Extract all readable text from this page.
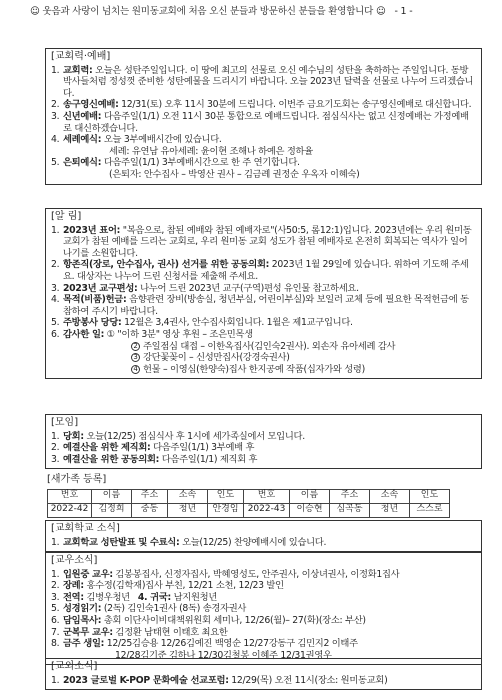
☺ 웃음과 사랑이 넘치는 원미동교회에 처음 오신 분들과 방문하신 분들을 환영합니다 ☺ - 1 -
[교회력·예배]
1. 교회력: 오늘은 성탄주일입니다. 이 땅에 최고의 선물로 오신 예수님의 성탄을 축하하는 주일입니다. 동방박사들처럼 정성껏 준비한 성탄예물을 드리시기 바랍니다. 오늘 2023년 달력을 선물로 나누어 드리겠습니다.
2. 송구영신예배: 12/31(토) 오후 11시 30분에 드립니다. 이번주 금요기도회는 송구영신예배로 대신합니다.
3. 신년예배: 다음주일(1/1) 오전 11시 30분 통합으로 예배드립니다. 점심식사는 없고 신정예배는 가정예배로 대신하겠습니다.
4. 세례예식: 오늘 3부예배시간에 있습니다.
세례: 유연남 유아세례: 윤이현 조해나 하예은 정하율
5. 은퇴예식: 다음주일(1/1) 3부예배시간으로 한 주 연기합니다.
(은퇴자: 안수집사 – 박영산 권사 – 김금례 권정순 우옥자 이혜숙)
[알 림]
1. 2023년 표어: "복음으로, 참된 예배와 참된 예배자로"(사50:5, 롬12:1)입니다. 2023년에는 우리 원미동 교회가 참된 예배를 드리는 교회로, 우리 원미동 교회 성도가 참된 예배자로 온전히 회복되는 역사가 일어나기를 소원합니다.
2. 항존직(장로, 안수집사, 권사) 선거를 위한 공동의회: 2023년 1월 29일에 있습니다. 위하여 기도해 주세요. 대상자는 나누어 드린 신청서를 제출해 주세요.
3. 2023년 교구편성: 나누어 드린 2023년 교구(구역)편성 유인물 참고하세요.
4. 목적(비품)헌금: 음향관련 장비(방송실, 청년부실, 어린이부실)와 보일러 교체 등에 필요한 목적헌금에 동참하여 주시기 바랍니다.
5. 주방봉사 당당: 12월은 3,4권사, 안수집사회입니다. 1월은 제1교구입니다.
6. 감사한 일: ① "이하 3분" 영상 후원 – 조은민목생
2 주일점심 대접 – 이한옥집사(김인숙2권사). 외손자 유아세례 감사
3 강단꽃꽂이 – 신성만집사(강경숙권사)
4 헌물 – 이영심(한양숙)집사 한지공예 작품(십자가와 성령)
[모임]
1. 당회: 오늘(12/25) 점심식사 후 1시에 세가족실에서 모입니다.
2. 예결산을 위한 제직회: 다음주일(1/1) 3부예배 후
3. 예결산을 위한 공동의회: 다음주일(1/1) 제직회 후
[새가족 등록]
번호	이름	주소	소속	인도	번호	이름	주소	소속	인도
2022-42	김정희	중동	청년	안경임	2022-43	이승현	심곡동	청년	스스로
[교회학교 소식]
1. 교회학교 성탄발표 및 수료식: 오늘(12/25) 찬양예배시에 있습니다.
[교우소식]
1. 입원중 교우: 김봉봉집사, 신정자집사, 박혜영성도, 안주권사, 이상녀권사, 이정화1집사
2. 장례: 홍수정(김학재)집사 부친, 12/21 소천, 12/23 발인
3. 전역: 김병우청년 4. 귀국: 남지원청년
5. 성경읽기: (2독) 김인숙1권사 (8독) 송경자권사
6. 담임목사: 총회 이단사이비대책위원회 세미나, 12/26(월)– 27(화)(장소: 부산)
7. 군복무 교우: 김정환 남태현 이태호 최요한
8. 금주 생일: 12/25김승용 12/26김예진 백영순 12/27강동구 김민지2 이태주
12/28김기준 김하나 12/30김철봉 이혜주 12/31권영우
[교외소식]
1. 2023 글로벌 K-POP 문화예술 선교포럼: 12/29(목) 오전 11시(장소: 원미동교회)
